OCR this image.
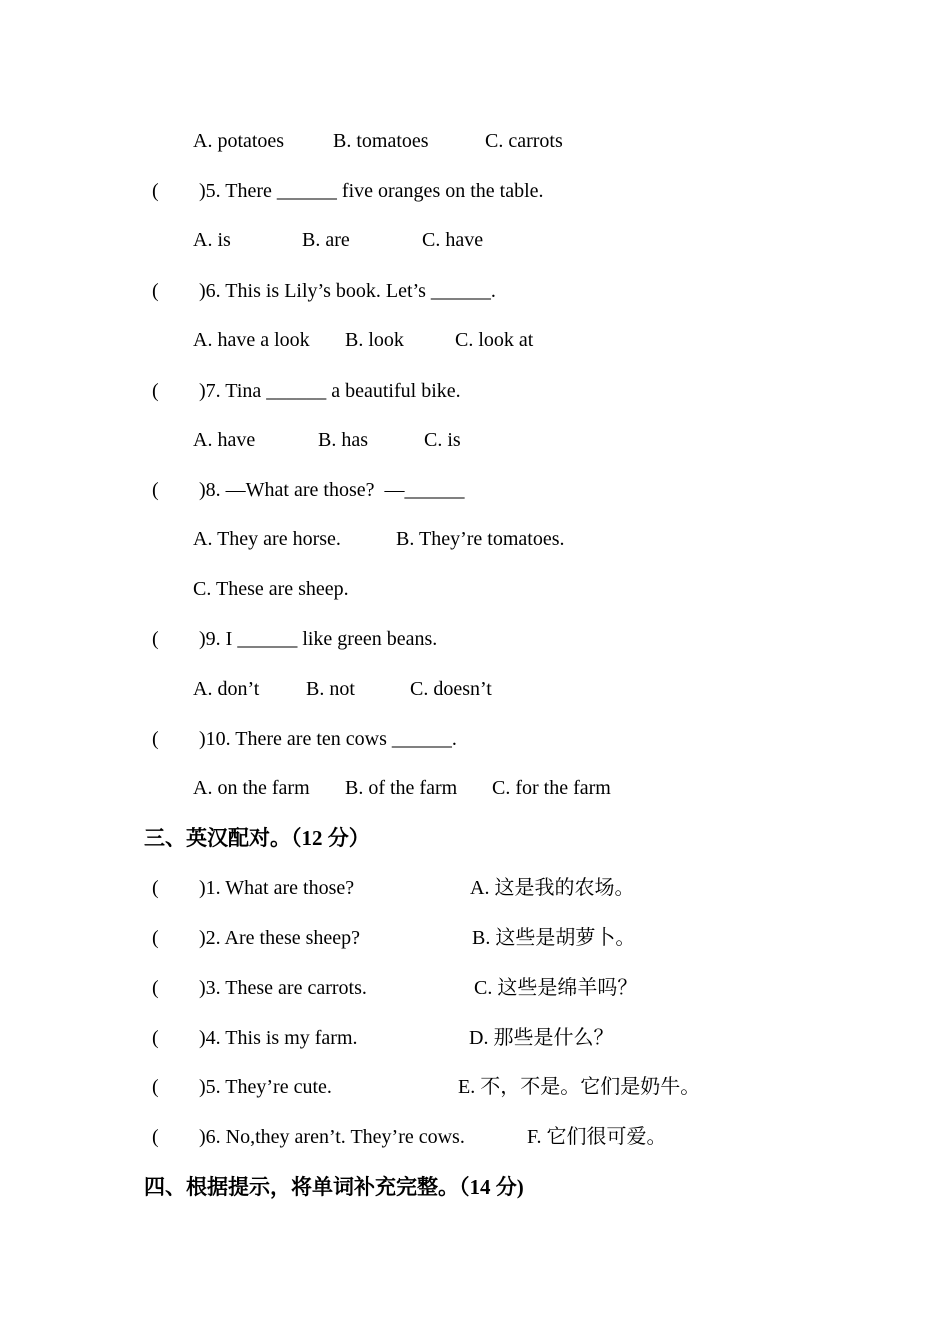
A. potatoes B. tomatoes	C. carrots
( )5. There ______ five oranges on the table.
A. is	B. are	C. have
( )6. This is Lily’s book. Let’s ______.
A. have a look B. look	C. look at
( )7. Tina ______ a beautiful bike.
A. have	B. has	C. is
( )8. —What are those?  —______
A. They are horse.	B. They’re tomatoes.
C. These are sheep.
( )9. I ______ like green beans.
A. don’t B. not	C. doesn’t
( )10. There are ten cows ______.
A. on the farm B. of the farm C. for the farm
三、英汉配对。（12 分）
( )1. What are those?	A. 这是我的农场。
( )2. Are these sheep?	B. 这些是胡萝卜。
( )3. These are carrots.	C. 这些是绵羊吗？
( )4. This is my farm.	D. 那些是什么？
( )5. They’re cute.	E. 不，不是。它们是奶牛。
( )6. No,they aren’t. They’re cows.	F. 它们很可爱。
四、根据提示，将单词补充完整。（14 分)
